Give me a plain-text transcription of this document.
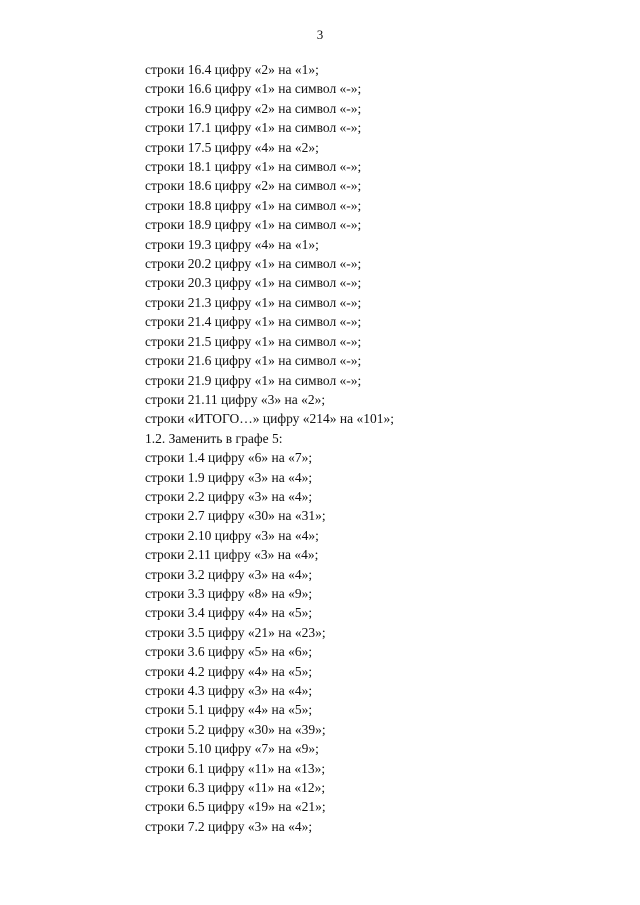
3
строки 16.4 цифру «2» на «1»;
строки 16.6 цифру «1» на символ «-»;
строки 16.9 цифру «2» на символ «-»;
строки 17.1 цифру «1» на символ «-»;
строки 17.5 цифру «4» на «2»;
строки 18.1 цифру «1» на символ «-»;
строки 18.6 цифру «2» на символ «-»;
строки 18.8 цифру «1» на символ «-»;
строки 18.9 цифру «1» на символ «-»;
строки 19.3 цифру «4» на «1»;
строки 20.2 цифру «1» на символ «-»;
строки 20.3 цифру «1» на символ «-»;
строки 21.3 цифру «1» на символ «-»;
строки 21.4 цифру «1» на символ «-»;
строки 21.5 цифру «1» на символ «-»;
строки 21.6 цифру «1» на символ «-»;
строки 21.9 цифру «1» на символ «-»;
строки 21.11 цифру «3» на «2»;
строки «ИТОГО…» цифру «214» на «101»;
1.2. Заменить в графе 5:
строки 1.4 цифру «6» на «7»;
строки 1.9 цифру «3» на «4»;
строки 2.2 цифру «3» на «4»;
строки 2.7 цифру «30» на «31»;
строки 2.10 цифру «3» на «4»;
строки 2.11 цифру «3» на «4»;
строки 3.2 цифру «3» на «4»;
строки 3.3 цифру «8» на «9»;
строки 3.4 цифру «4» на «5»;
строки 3.5 цифру «21» на «23»;
строки 3.6 цифру «5» на «6»;
строки 4.2 цифру «4» на «5»;
строки 4.3 цифру «3» на «4»;
строки 5.1 цифру «4» на «5»;
строки 5.2 цифру «30» на «39»;
строки 5.10 цифру «7» на «9»;
строки 6.1 цифру «11» на «13»;
строки 6.3 цифру «11» на «12»;
строки 6.5 цифру «19» на «21»;
строки 7.2 цифру «3» на «4»;
